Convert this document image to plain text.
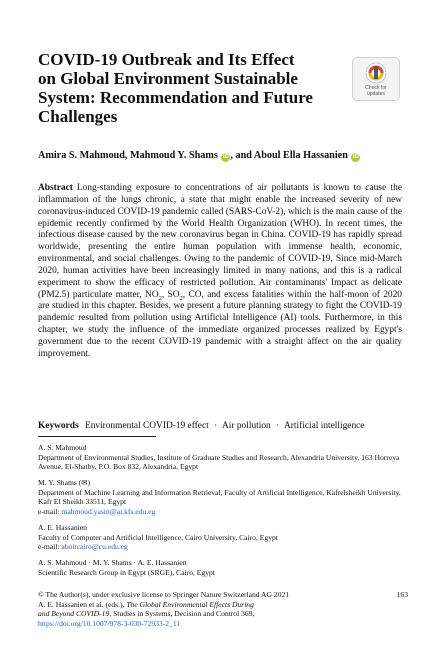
COVID-19 Outbreak and Its Effect
on Global Environment Sustainable
System: Recommendation and Future
Challenges
Check for
updates
Amira S. Mahmoud, Mahmoud Y. Shams iD , and Aboul Ella Hassanien iD
Abstract Long-standing exposure to concentrations of air pollutants is known to cause the inflammation of the lungs chronic, a state that might enable the increased severity of new coronavirus-induced COVID-19 pandemic called (SARS-CoV-2), which is the main cause of the epidemic recently confirmed by the World Health Organization (WHO). In recent times, the infectious disease caused by the new coronavirus began in China. COVID-19 has rapidly spread worldwide, presenting the entire human population with immense health, economic, environmental, and social challenges. Owing to the pandemic of COVID-19, Since mid-March 2020, human activities have been increasingly limited in many nations, and this is a radical experiment to show the efficacy of restricted pollution. Air contaminants' Impact as delicate (PM2.5) particulate matter, $NO_2$, $SO_2$, CO, and excess fatalities within the half-moon of 2020 are studied in this chapter. Besides, we present a future planning strategy to fight the COVID-19 pandemic resulted from pollution using Artificial Intelligence (AI) tools. Furthermore, in this chapter, we study the influence of the immediate organized processes realized by Egypt's government due to the recent COVID-19 pandemic with a straight affect on the air quality improvement.
Keywords Environmental COVID-19 effect · Air pollution · Artificial intelligence
A. S. Mahmoud
Department of Environmental Studies, Institute of Graduate Studies and Research, Alexandria University, 163 Horreya Avenue, El-Shatby, P.O. Box 832, Alexandria, Egypt
M. Y. Shams (✉)
Department of Machine Learning and Information Retrieval, Faculty of Artificial Intelligence, Kafrelsheikh University, Kafr El Sheikh 33511, Egypt
e-mail: mahmoud.yasin@ai.kfs.edu.eg
A. E. Hassanien
Faculty of Computer and Artificial Intelligence, Cairo University, Cairo, Egypt
e-mail: aboitcairo@cu.edu.eg
A. S. Mahmoud · M. Y. Shams · A. E. Hassanien
Scientific Research Group in Egypt (SRGE), Cairo, Egypt
163
© The Author(s), under exclusive license to Springer Nature Switzerland AG 2021
A. E. Hassanien et al. (eds.), The Global Environmental Effects During
and Beyond COVID-19, Studies in Systems, Decision and Control 369,
https://doi.org/10.1007/978-3-030-72933-2_11
